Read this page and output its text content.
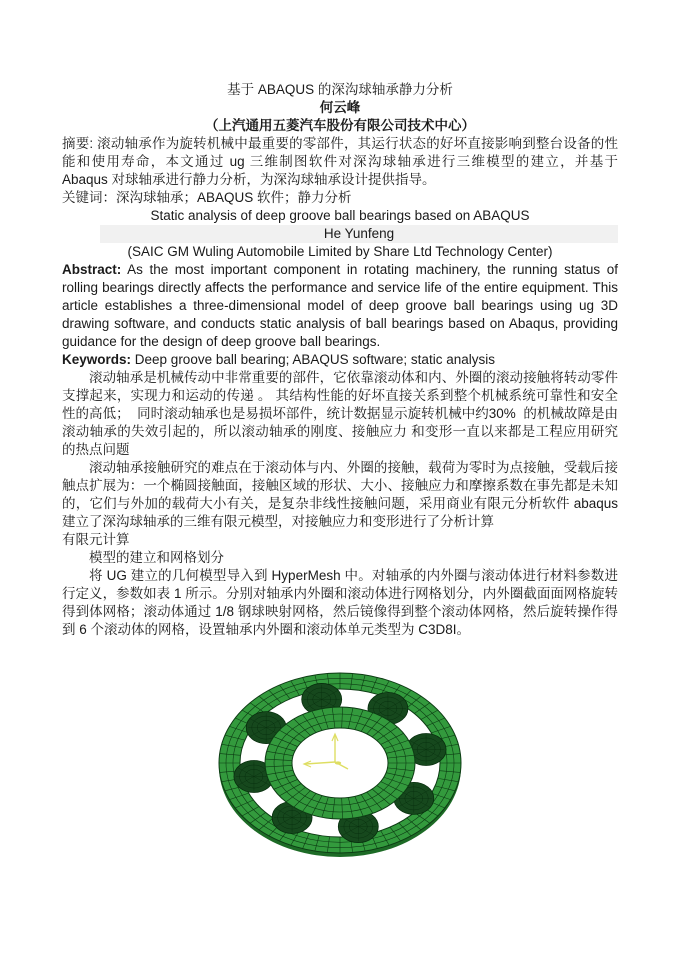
基于 ABAQUS 的深沟球轴承静力分析
何云峰
（上汽通用五菱汽车股份有限公司技术中心）
摘要: 滚动轴承作为旋转机械中最重要的零部件，其运行状态的好坏直接影响到整台设备的性能和使用寿命，本文通过 ug 三维制图软件对深沟球轴承进行三维模型的建立，并基于 Abaqus 对球轴承进行静力分析，为深沟球轴承设计提供指导。
关键词：深沟球轴承；ABAQUS 软件；静力分析
Static analysis of deep groove ball bearings based on ABAQUS
He Yunfeng
(SAIC GM Wuling Automobile Limited by Share Ltd Technology Center)
Abstract: As the most important component in rotating machinery, the running status of rolling bearings directly affects the performance and service life of the entire equipment. This article establishes a three-dimensional model of deep groove ball bearings using ug 3D drawing software, and conducts static analysis of ball bearings based on Abaqus, providing guidance for the design of deep groove ball bearings.
Keywords: Deep groove ball bearing; ABAQUS software; static analysis
滚动轴承是机械传动中非常重要的部件，它依靠滚动体和内、外圈的滚动接触将转动零件支撑起来，实现力和运动的传递 。 其结构性能的好坏直接关系到整个机械系统可靠性和安全性的高低；  同时滚动轴承也是易损坏部件，统计数据显示旋转机械中约30%  的机械故障是由滚动轴承的失效引起的，所以滚动轴承的刚度、接触应力 和变形一直以来都是工程应用研究的热点问题
滚动轴承接触研究的难点在于滚动体与内、外圈的接触，载荷为零时为点接触，受载后接触点扩展为：一个椭圆接触面，接触区域的形状、大小、接触应力和摩擦系数在事先都是未知的，它们与外加的载荷大小有关，是复杂非线性接触问题，采用商业有限元分析软件 abaqus 建立了深沟球轴承的三维有限元模型，对接触应力和变形进行了分析计算
有限元计算
模型的建立和网格划分
将 UG 建立的几何模型导入到 HyperMesh 中。对轴承的内外圈与滚动体进行材料参数进行定义，参数如表 1 所示。分别对轴承内外圈和滚动体进行网格划分，内外圈截面面网格旋转得到体网格；滚动体通过 1/8 钢球映射网格，然后镜像得到整个滚动体网格，然后旋转操作得到 6 个滚动体的网格，设置轴承内外圈和滚动体单元类型为 C3D8I。
